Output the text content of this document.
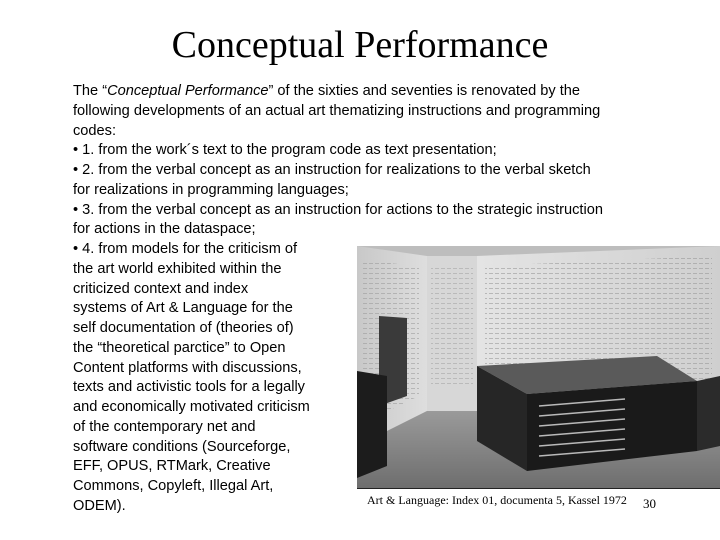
Conceptual Performance
The “Conceptual Performance” of the sixties and seventies is renovated by the
following developments of an actual art thematizing instructions and programming
codes:
• 1. from the work´s text to the program code as text presentation;
• 2. from the verbal concept as an instruction for realizations to the verbal sketch
for realizations in programming languages;
• 3. from the verbal concept as an instruction for actions to the strategic instruction
for actions in the dataspace;
• 4. from models for the criticism of
the art world exhibited within the
criticized context and index
systems of Art & Language for the
self documentation of (theories of)
the “theoretical parctice” to Open
Content platforms with discussions,
texts and activistic tools for a legally
and economically motivated criticism
of the contemporary net and
software conditions (Sourceforge,
EFF, OPUS, RTMark, Creative
Commons, Copyleft, Illegal Art,
ODEM).	Art & Language: Index 01, documenta 5, Kassel 1972 30
